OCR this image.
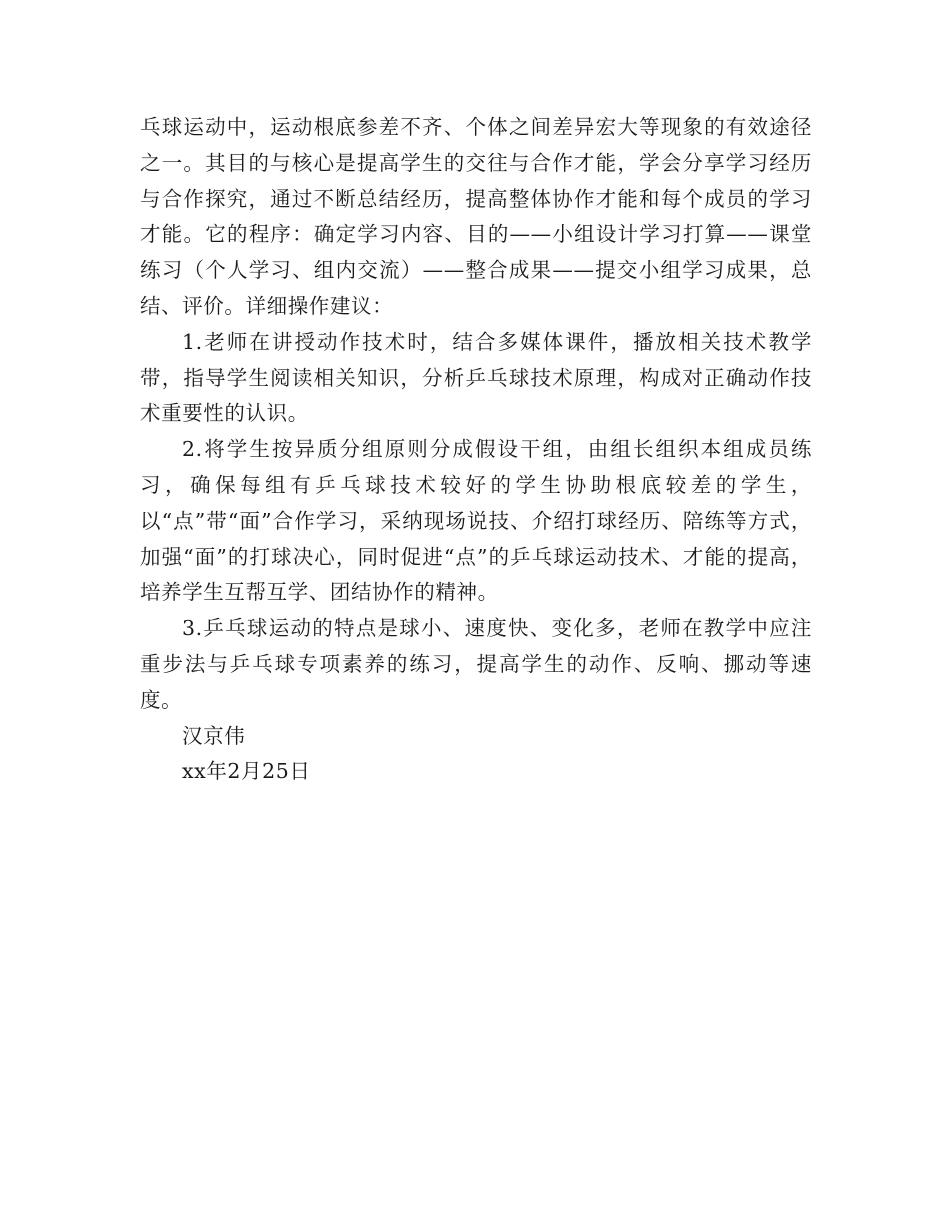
乓球运动中，运动根底参差不齐、个体之间差异宏大等现象的有效途径之一。其目的与核心是提高学生的交往与合作才能，学会分享学习经历与合作探究，通过不断总结经历，提高整体协作才能和每个成员的学习才能。它的程序：确定学习内容、目的——小组设计学习打算——课堂练习（个人学习、组内交流）——整合成果——提交小组学习成果，总结、评价。详细操作建议：

1.老师在讲授动作技术时，结合多媒体课件，播放相关技术教学带，指导学生阅读相关知识，分析乒乓球技术原理，构成对正确动作技术重要性的认识。

2.将学生按异质分组原则分成假设干组，由组长组织本组成员练习，确保每组有乒乓球技术较好的学生协助根底较差的学生，以“点”带“面”合作学习，采纳现场说技、介绍打球经历、陪练等方式，加强“面”的打球决心，同时促进“点”的乒乓球运动技术、才能的提高，培养学生互帮互学、团结协作的精神。

3.乒乓球运动的特点是球小、速度快、变化多，老师在教学中应注重步法与乒乓球专项素养的练习，提高学生的动作、反响、挪动等速度。

汉京伟

xx年2月25日
